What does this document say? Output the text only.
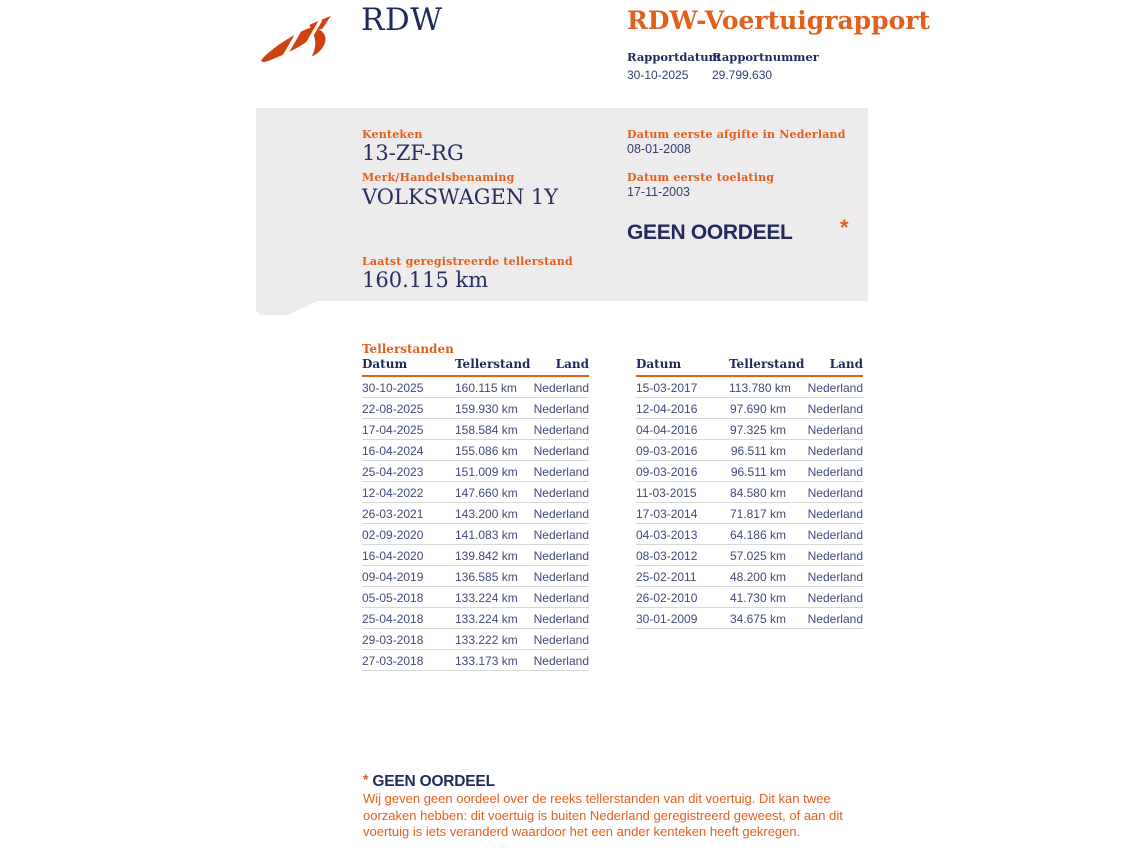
RDW	RDW-Voertuigrapport
Rapportdatum
30-10-2025
Rapportnummer
29.799.630
Kenteken
13-ZF-RG
Merk/Handelsbenaming
VOLKSWAGEN 1Y
Laatst geregistreerde tellerstand
160.115 km
Datum eerste afgifte in Nederland
08-01-2008
Datum eerste toelating
17-11-2003
GEEN OORDEEL *
Tellerstanden
Datum	Tellerstand	Land
30-10-2025	160.115 km	Nederland
22-08-2025	159.930 km	Nederland
17-04-2025	158.584 km	Nederland
16-04-2024	155.086 km	Nederland
25-04-2023	151.009 km	Nederland
12-04-2022	147.660 km	Nederland
26-03-2021	143.200 km	Nederland
02-09-2020	141.083 km	Nederland
16-04-2020	139.842 km	Nederland
09-04-2019	136.585 km	Nederland
05-05-2018	133.224 km	Nederland
25-04-2018	133.224 km	Nederland
29-03-2018	133.222 km	Nederland
27-03-2018	133.173 km	Nederland
Datum	Tellerstand	Land
15-03-2017	113.780 km	Nederland
12-04-2016	97.690 km	Nederland
04-04-2016	97.325 km	Nederland
09-03-2016	96.511 km	Nederland
09-03-2016	96.511 km	Nederland
11-03-2015	84.580 km	Nederland
17-03-2014	71.817 km	Nederland
04-03-2013	64.186 km	Nederland
08-03-2012	57.025 km	Nederland
25-02-2011	48.200 km	Nederland
26-02-2010	41.730 km	Nederland
30-01-2009	34.675 km	Nederland
* GEEN OORDEEL

Wij geven geen oordeel over de reeks tellerstanden van dit voertuig. Dit kan twee oorzaken hebben: dit voertuig is buiten Nederland geregistreerd geweest, of aan dit voertuig is iets veranderd waardoor het een ander kenteken heeft gekregen.
